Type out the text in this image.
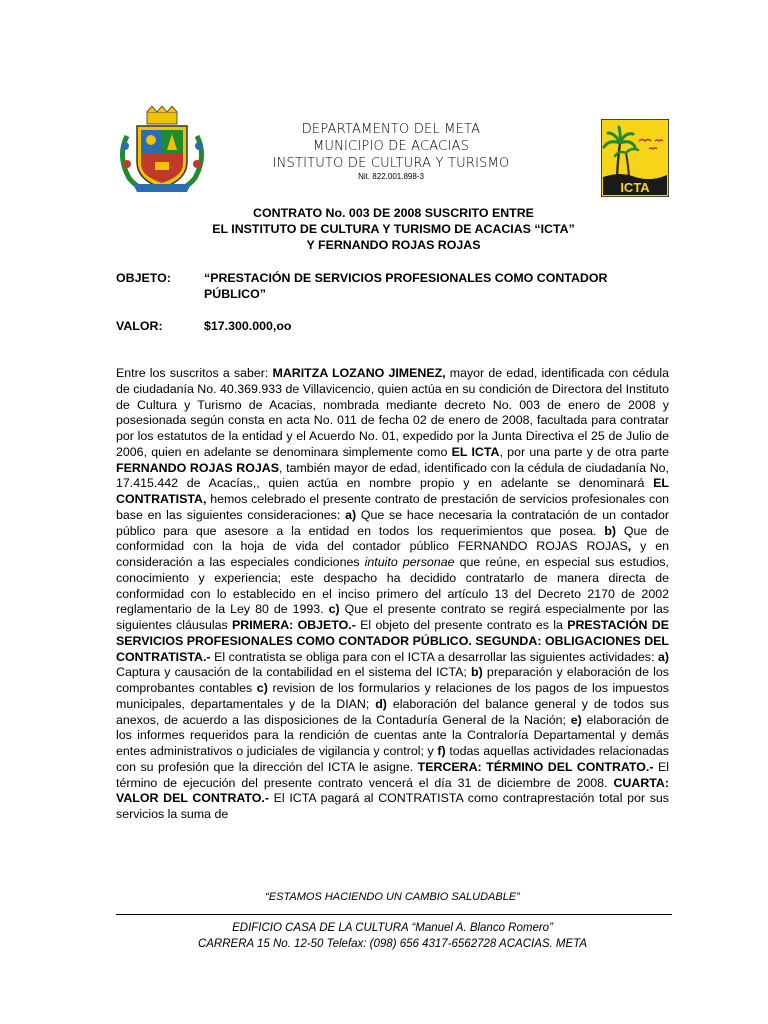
DEPARTAMENTO DEL META
MUNICIPIO DE ACACIAS
INSTITUTO DE CULTURA Y TURISMO
Nit. 822.001.898-3
ICTA
CONTRATO No. 003 DE 2008 SUSCRITO ENTRE
EL INSTITUTO DE CULTURA Y TURISMO DE ACACIAS “ICTA”
Y FERNANDO ROJAS ROJAS
OBJETO:	“PRESTACIÓN DE SERVICIOS PROFESIONALES COMO CONTADOR PÚBLICO”
VALOR:	$17.300.000,oo
Entre los suscritos a saber: MARITZA LOZANO JIMENEZ, mayor de edad, identificada con cédula de ciudadanía No. 40.369.933 de Villavicencio, quien actúa en su condición de Directora del Instituto de Cultura y Turismo de Acacias, nombrada mediante decreto No. 003 de enero de 2008 y posesionada según consta en acta No. 011 de fecha 02 de enero de 2008, facultada para contratar por los estatutos de la entidad y el Acuerdo No. 01, expedido por la Junta Directiva el 25 de Julio de 2006, quien en adelante se denominara simplemente como EL ICTA, por una parte y de otra parte FERNANDO ROJAS ROJAS, también mayor de edad, identificado con la cédula de ciudadanía No, 17.415.442 de Acacías,, quien actúa en nombre propio y en adelante se denominará EL CONTRATISTA, hemos celebrado el presente contrato de prestación de servicios profesionales con base en las siguientes consideraciones: a) Que se hace necesaria la contratación de un contador público para que asesore a la entidad en todos los requerimientos que posea. b) Que de conformidad con la hoja de vida del contador público FERNANDO ROJAS ROJAS, y en consideración a las especiales condiciones intuito personae que reúne, en especial sus estudios, conocimiento y experiencia; este despacho ha decidido contratarlo de manera directa de conformidad con lo establecido en el inciso primero del artículo 13 del Decreto 2170 de 2002 reglamentario de la Ley 80 de 1993. c) Que el presente contrato se regirá especialmente por las siguientes cláusulas PRIMERA: OBJETO.- El objeto del presente contrato es la PRESTACIÓN DE SERVICIOS PROFESIONALES COMO CONTADOR PÚBLICO. SEGUNDA: OBLIGACIONES DEL CONTRATISTA.- El contratista se obliga para con el ICTA a desarrollar las siguientes actividades: a) Captura y causación de la contabilidad en el sistema del ICTA; b) preparación y elaboración de los comprobantes contables c) revision de los formularios y relaciones de los pagos de los impuestos municipales, departamentales y de la DIAN; d) elaboración del balance general y de todos sus anexos, de acuerdo a las disposiciones de la Contaduría General de la Nación; e) elaboración de los informes requeridos para la rendición de cuentas ante la Contraloría Departamental y demás entes administrativos o judiciales de vigilancia y control; y f) todas aquellas actividades relacionadas con su profesión que la dirección del ICTA le asigne. TERCERA: TÉRMINO DEL CONTRATO.- El término de ejecución del presente contrato vencerá el día 31 de diciembre de 2008. CUARTA: VALOR DEL CONTRATO.- El ICTA pagará al CONTRATISTA como contraprestación total por sus servicios la suma de
“ESTAMOS HACIENDO UN CAMBIO SALUDABLE”
EDIFICIO CASA DE LA CULTURA “Manuel A. Blanco Romero”
CARRERA 15 No. 12-50 Telefax: (098) 656 4317-6562728 ACACIAS. META
